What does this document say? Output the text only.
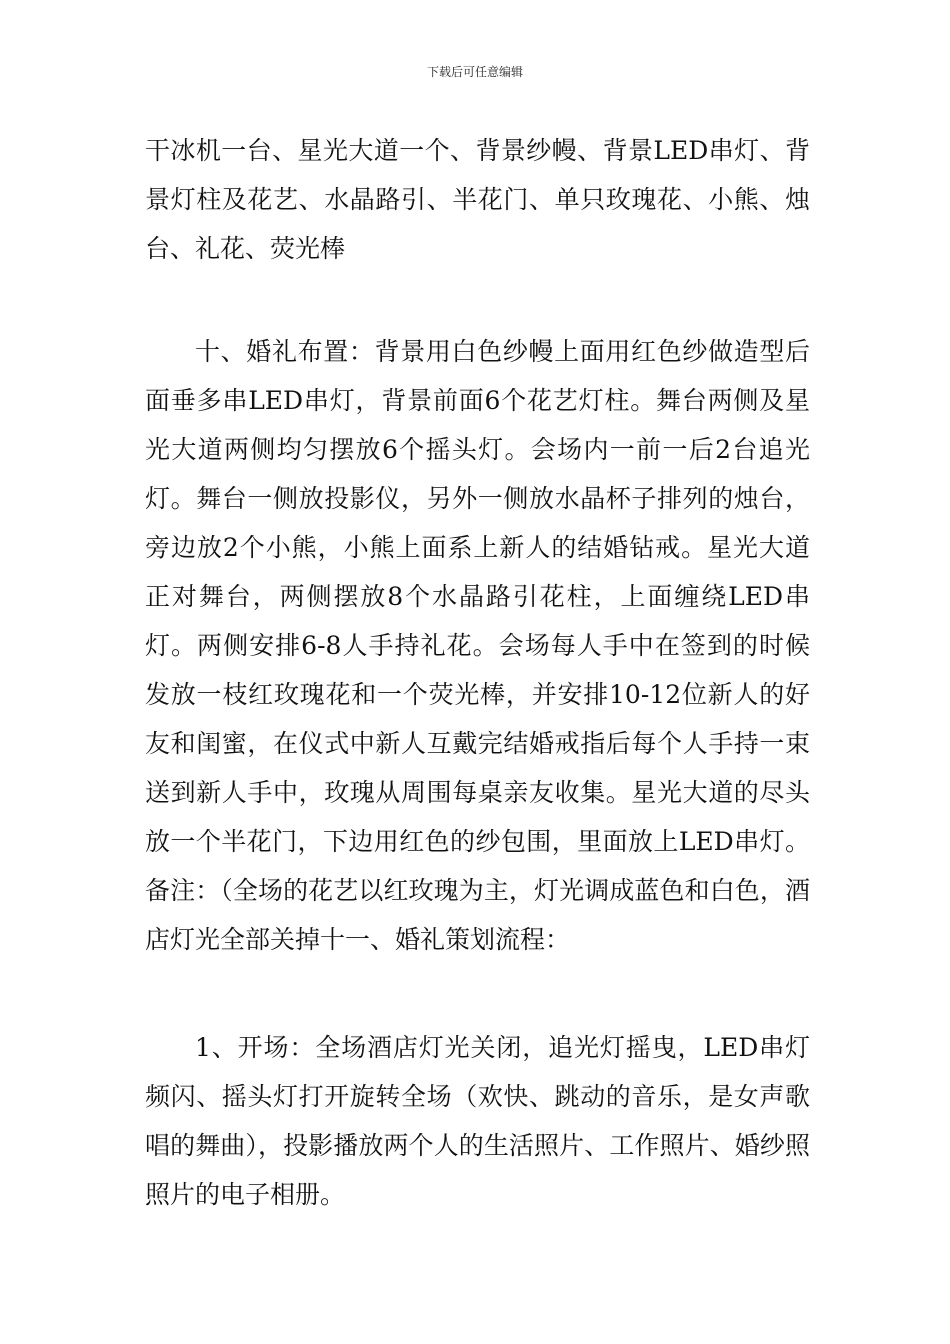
下载后可任意编辑

干冰机一台、星光大道一个、背景纱幔、背景LED串灯、背景灯柱及花艺、水晶路引、半花门、单只玫瑰花、小熊、烛台、礼花、荧光棒

十、婚礼布置：背景用白色纱幔上面用红色纱做造型后面垂多串LED串灯，背景前面6个花艺灯柱。舞台两侧及星光大道两侧均匀摆放6个摇头灯。会场内一前一后2台追光灯。舞台一侧放投影仪，另外一侧放水晶杯子排列的烛台，旁边放2个小熊，小熊上面系上新人的结婚钻戒。星光大道正对舞台，两侧摆放8个水晶路引花柱，上面缠绕LED串灯。两侧安排6-8人手持礼花。会场每人手中在签到的时候发放一枝红玫瑰花和一个荧光棒，并安排10-12位新人的好友和闺蜜，在仪式中新人互戴完结婚戒指后每个人手持一束送到新人手中，玫瑰从周围每桌亲友收集。星光大道的尽头放一个半花门，下边用红色的纱包围，里面放上LED串灯。备注：（全场的花艺以红玫瑰为主，灯光调成蓝色和白色，酒店灯光全部关掉十一、婚礼策划流程：

1、开场：全场酒店灯光关闭，追光灯摇曳，LED串灯频闪、摇头灯打开旋转全场（欢快、跳动的音乐，是女声歌唱的舞曲），投影播放两个人的生活照片、工作照片、婚纱照照片的电子相册。
